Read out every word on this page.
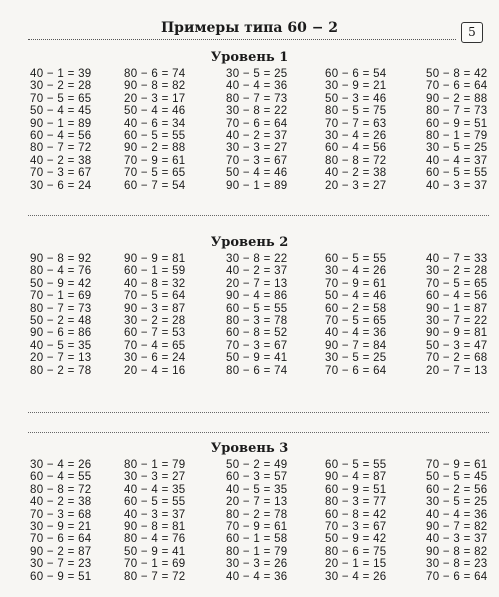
Примеры типа 60 − 2	5
Уровень 1
40 − 1 = 39	80 − 6 = 74	30 − 5 = 25	60 − 6 = 54	50 − 8 = 42
30 − 2 = 28	90 − 8 = 82	40 − 4 = 36	30 − 9 = 21	70 − 6 = 64
70 − 5 = 65	20 − 3 = 17	80 − 7 = 73	50 − 3 = 46	90 − 2 = 88
50 − 4 = 45	50 − 4 = 46	30 − 8 = 22	80 − 5 = 75	80 − 7 = 73
90 − 1 = 89	40 − 6 = 34	70 − 6 = 64	70 − 7 = 63	60 − 9 = 51
60 − 4 = 56	60 − 5 = 55	40 − 2 = 37	30 − 4 = 26	80 − 1 = 79
80 − 7 = 72	90 − 2 = 88	30 − 3 = 27	60 − 4 = 56	30 − 5 = 25
40 − 2 = 38	70 − 9 = 61	70 − 3 = 67	80 − 8 = 72	40 − 4 = 37
70 − 3 = 67	70 − 5 = 65	50 − 4 = 46	40 − 2 = 38	60 − 5 = 55
30 − 6 = 24	60 − 7 = 54	90 − 1 = 89	20 − 3 = 27	40 − 3 = 37
Уровень 2
90 − 8 = 92	90 − 9 = 81	30 − 8 = 22	60 − 5 = 55	40 − 7 = 33
80 − 4 = 76	60 − 1 = 59	40 − 2 = 37	30 − 4 = 26	30 − 2 = 28
50 − 9 = 42	40 − 8 = 32	20 − 7 = 13	70 − 9 = 61	70 − 5 = 65
70 − 1 = 69	70 − 5 = 64	90 − 4 = 86	50 − 4 = 46	60 − 4 = 56
80 − 7 = 73	90 − 3 = 87	60 − 5 = 55	60 − 2 = 58	90 − 1 = 87
50 − 2 = 48	30 − 2 = 28	80 − 3 = 78	70 − 5 = 65	30 − 7 = 22
90 − 6 = 86	60 − 7 = 53	60 − 8 = 52	40 − 4 = 36	90 − 9 = 81
40 − 5 = 35	70 − 4 = 65	70 − 3 = 67	90 − 7 = 84	50 − 3 = 47
20 − 7 = 13	30 − 6 = 24	50 − 9 = 41	30 − 5 = 25	70 − 2 = 68
80 − 2 = 78	20 − 4 = 16	80 − 6 = 74	70 − 6 = 64	20 − 7 = 13
Уровень 3
30 − 4 = 26	80 − 1 = 79	50 − 2 = 49	60 − 5 = 55	70 − 9 = 61
60 − 4 = 55	30 − 3 = 27	60 − 3 = 57	90 − 4 = 87	50 − 5 = 45
80 − 8 = 72	40 − 4 = 35	40 − 5 = 35	60 − 9 = 51	60 − 2 = 56
40 − 2 = 38	60 − 5 = 55	20 − 7 = 13	80 − 3 = 77	30 − 5 = 25
70 − 3 = 68	40 − 3 = 37	80 − 2 = 78	60 − 8 = 42	40 − 4 = 36
30 − 9 = 21	90 − 8 = 81	70 − 9 = 61	70 − 3 = 67	90 − 7 = 82
70 − 6 = 64	80 − 4 = 76	60 − 1 = 58	50 − 9 = 42	40 − 3 = 37
90 − 2 = 87	50 − 9 = 41	80 − 1 = 79	80 − 6 = 75	90 − 8 = 82
30 − 7 = 23	70 − 1 = 69	30 − 3 = 26	20 − 1 = 15	30 − 8 = 23
60 − 9 = 51	80 − 7 = 72	40 − 4 = 36	30 − 4 = 26	70 − 6 = 64
